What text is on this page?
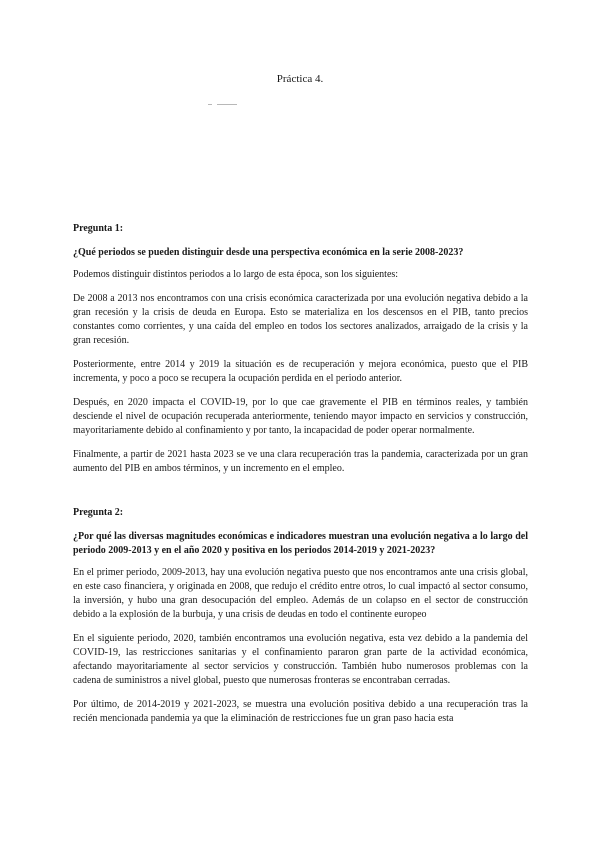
Práctica 4.
Pregunta 1:

¿Qué periodos se pueden distinguir desde una perspectiva económica en la serie 2008-2023?

Podemos distinguir distintos periodos a lo largo de esta época, son los siguientes:

De 2008 a 2013 nos encontramos con una crisis económica caracterizada por una evolución negativa debido a la gran recesión y la crisis de deuda en Europa. Esto se materializa en los descensos en el PIB, tanto precios constantes como corrientes, y una caída del empleo en todos los sectores analizados, arraigado de la crisis y la gran recesión.

Posteriormente, entre 2014 y 2019 la situación es de recuperación y mejora económica, puesto que el PIB incrementa, y poco a poco se recupera la ocupación perdida en el periodo anterior.

Después, en 2020 impacta el COVID-19, por lo que cae gravemente el PIB en términos reales, y también desciende el nivel de ocupación recuperada anteriormente, teniendo mayor impacto en servicios y construcción, mayoritariamente debido al confinamiento y por tanto, la incapacidad de poder operar normalmente.

Finalmente, a partir de 2021 hasta 2023 se ve una clara recuperación tras la pandemia, caracterizada por un gran aumento del PIB en ambos términos, y un incremento en el empleo.

Pregunta 2:

¿Por qué las diversas magnitudes económicas e indicadores muestran una evolución negativa a lo largo del periodo 2009-2013 y en el año 2020 y positiva en los periodos 2014-2019 y 2021-2023?

En el primer periodo, 2009-2013, hay una evolución negativa puesto que nos encontramos ante una crisis global, en este caso financiera, y originada en 2008, que redujo el crédito entre otros, lo cual impactó al sector consumo, la inversión, y hubo una gran desocupación del empleo. Además de un colapso en el sector de construcción debido a la explosión de la burbuja, y una crisis de deudas en todo el continente europeo

En el siguiente periodo, 2020, también encontramos una evolución negativa, esta vez debido a la pandemia del COVID-19, las restricciones sanitarias y el confinamiento pararon gran parte de la actividad económica, afectando mayoritariamente al sector servicios y construcción. También hubo numerosos problemas con la cadena de suministros a nivel global, puesto que numerosas fronteras se encontraban cerradas.

Por último, de 2014-2019 y 2021-2023, se muestra una evolución positiva debido a una recuperación tras la recién mencionada pandemia ya que la eliminación de restricciones fue un gran paso hacia esta
